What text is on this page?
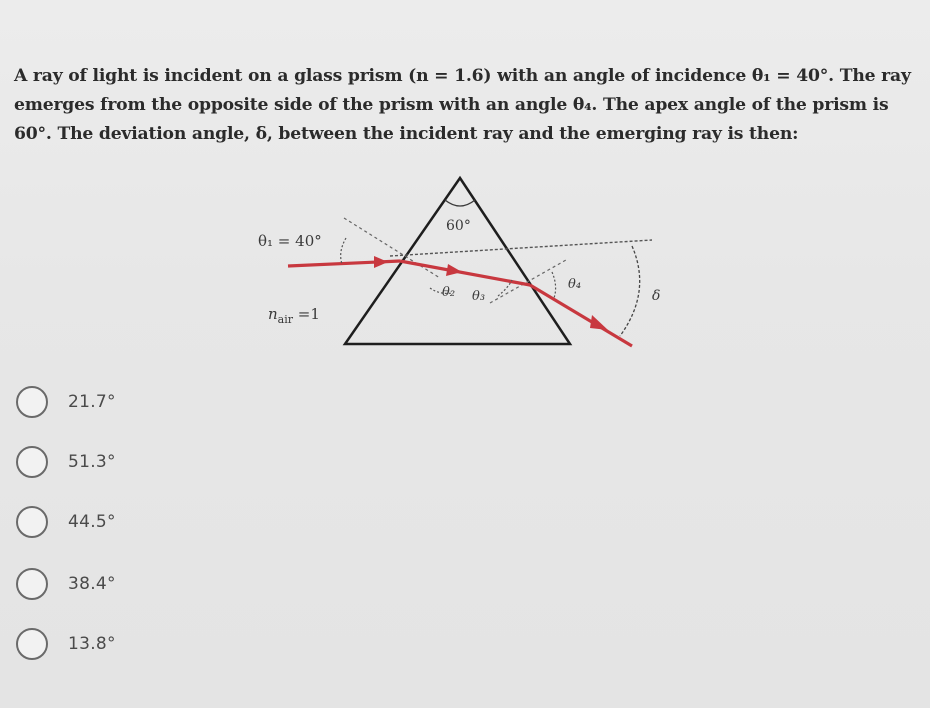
A ray of light is incident on a glass prism (n = 1.6) with an angle of incidence θ₁ = 40°. The ray
emerges from the opposite side of the prism with an angle θ₄. The apex angle of the prism is
60°. The deviation angle, δ, between the incident ray and the emerging ray is then:
θ₁ = 40°
60°
$n_{air} =1$
θ₂ θ₃
θ₄
δ
21.7°
51.3°
44.5°
38.4°
13.8°
